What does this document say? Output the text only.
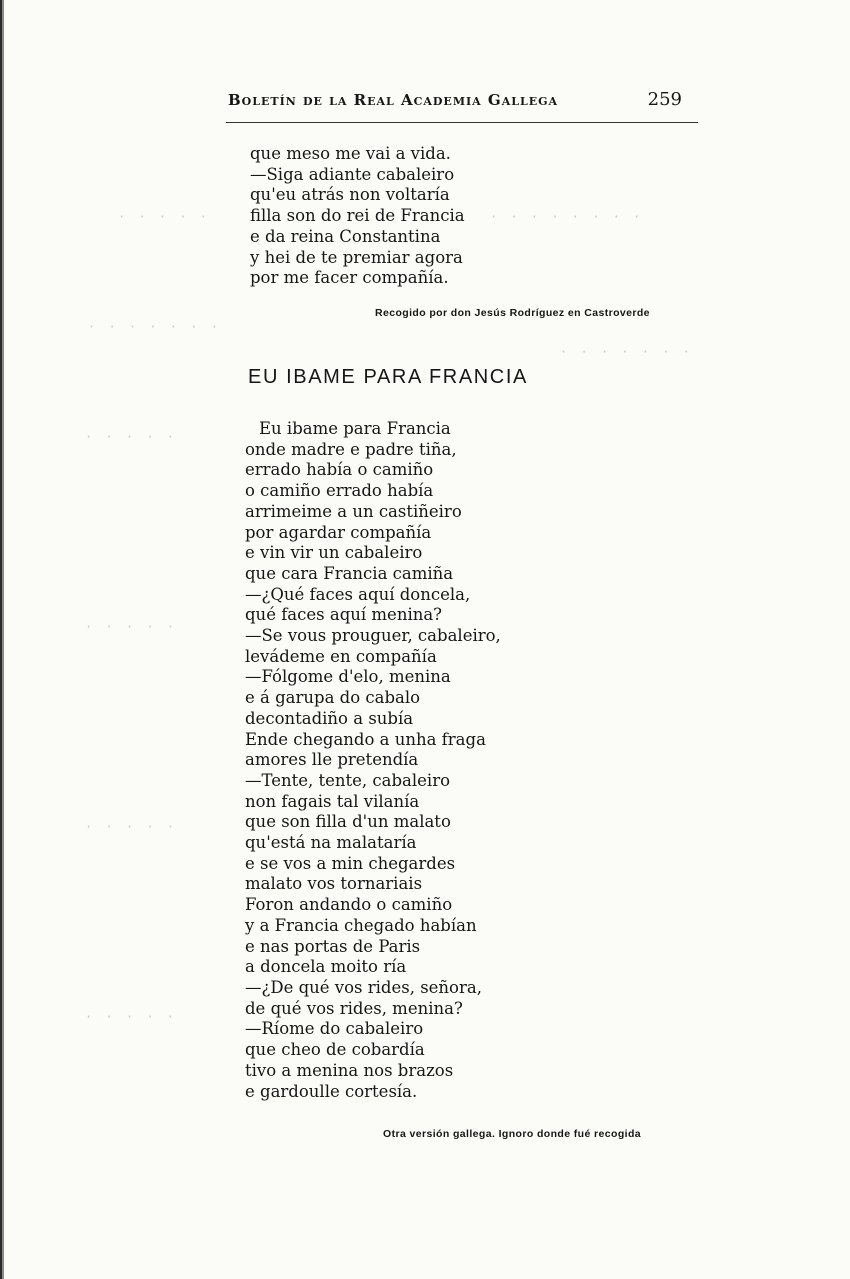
· · · · ·	· · · · · · · ·
· · · · · · ·
· · · · · · ·
· · · · ·
· · · · ·
· · · · ·
· · · · ·
Boletín de la Real Academia Gallega	259
que meso me vai a vida.
—Siga adiante cabaleiro
qu'eu atrás non voltaría
filla son do rei de Francia
e da reina Constantina
y hei de te premiar agora
por me facer compañía.
Recogido por don Jesús Rodríguez en Castroverde
EU IBAME PARA FRANCIA
Eu ibame para Francia
onde madre e padre tiña,
errado había o camiño
o camiño errado había
arrimeime a un castiñeiro
por agardar compañía
e vin vir un cabaleiro
que cara Francia camiña
—¿Qué faces aquí doncela,
qué faces aquí menina?
—Se vous prouguer, cabaleiro,
levádeme en compañía
—Fólgome d'elo, menina
e á garupa do cabalo
decontadiño a subía
Ende chegando a unha fraga
amores lle pretendía
—Tente, tente, cabaleiro
non fagais tal vilanía
que son filla d'un malato
qu'está na malataría
e se vos a min chegardes
malato vos tornariais
Foron andando o camiño
y a Francia chegado habían
e nas portas de Paris
a doncela moito ría
—¿De qué vos rides, señora,
de qué vos rides, menina?
—Ríome do cabaleiro
que cheo de cobardía
tivo a menina nos brazos
e gardoulle cortesía.
Otra versión gallega. Ignoro donde fué recogida
